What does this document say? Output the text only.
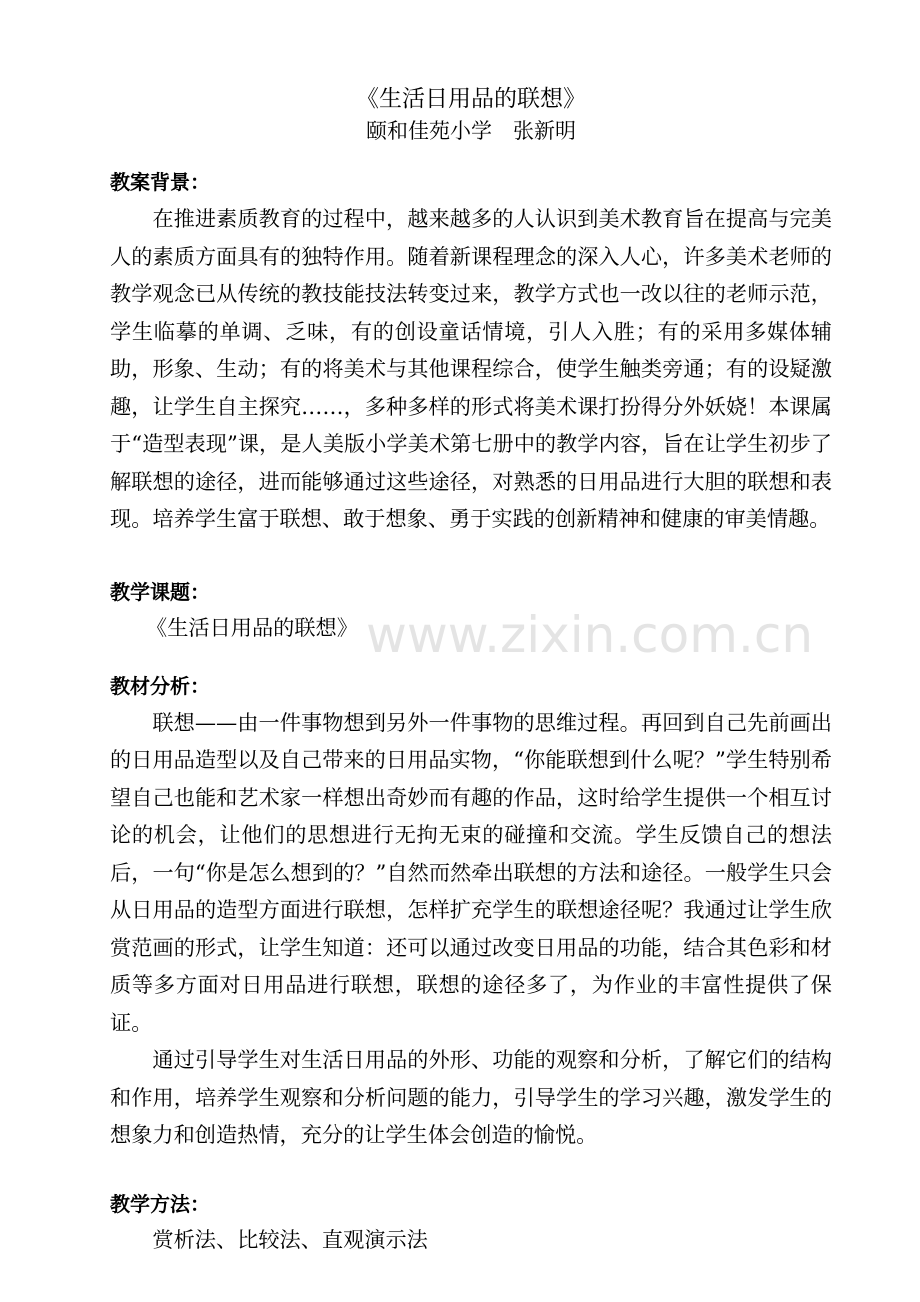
《生活日用品的联想》

颐和佳苑小学　张新明

教案背景：

在推进素质教育的过程中，越来越多的人认识到美术教育旨在提高与完美人的素质方面具有的独特作用。随着新课程理念的深入人心，许多美术老师的教学观念已从传统的教技能技法转变过来，教学方式也一改以往的老师示范，学生临摹的单调、乏味，有的创设童话情境，引人入胜；有的采用多媒体辅助，形象、生动；有的将美术与其他课程综合，使学生触类旁通；有的设疑激趣，让学生自主探究……，多种多样的形式将美术课打扮得分外妖娆！本课属于“造型表现”课，是人美版小学美术第七册中的教学内容，旨在让学生初步了解联想的途径，进而能够通过这些途径，对熟悉的日用品进行大胆的联想和表现。培养学生富于联想、敢于想象、勇于实践的创新精神和健康的审美情趣。

教学课题：

《生活日用品的联想》

教材分析：

联想——由一件事物想到另外一件事物的思维过程。再回到自己先前画出的日用品造型以及自己带来的日用品实物，“你能联想到什么呢？”学生特别希望自己也能和艺术家一样想出奇妙而有趣的作品，这时给学生提供一个相互讨论的机会，让他们的思想进行无拘无束的碰撞和交流。学生反馈自己的想法后，一句“你是怎么想到的？”自然而然牵出联想的方法和途径。一般学生只会从日用品的造型方面进行联想，怎样扩充学生的联想途径呢？我通过让学生欣赏范画的形式，让学生知道：还可以通过改变日用品的功能，结合其色彩和材质等多方面对日用品进行联想，联想的途径多了，为作业的丰富性提供了保证。

通过引导学生对生活日用品的外形、功能的观察和分析，了解它们的结构和作用，培养学生观察和分析问题的能力，引导学生的学习兴趣，激发学生的想象力和创造热情，充分的让学生体会创造的愉悦。

教学方法：

赏析法、比较法、直观演示法

www.zixin.com.cn
